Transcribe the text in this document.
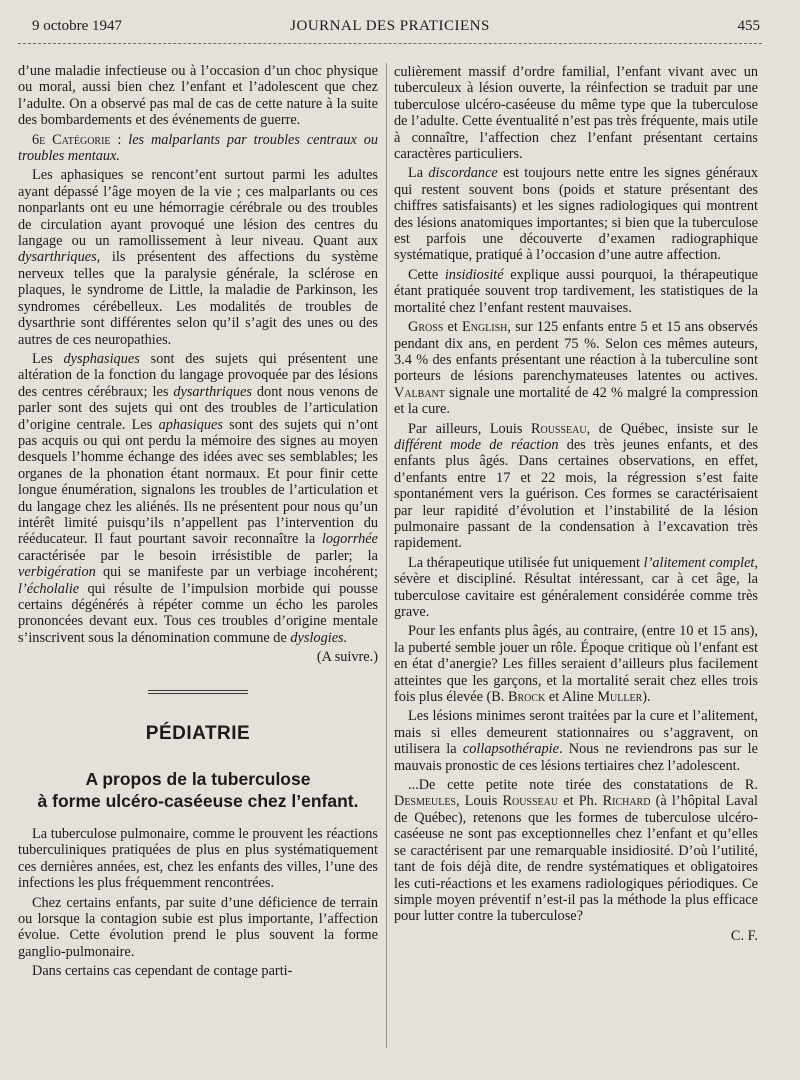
9 octobre 1947	JOURNAL DES PRATICIENS	455

d’une maladie infectieuse ou à l’occasion d’un choc physique ou moral, aussi bien chez l’enfant et l’adolescent que chez l’adulte. On a observé pas mal de cas de cette nature à la suite des bombardements et des événements de guerre.

6e Catégorie : les malparlants par troubles centraux ou troubles mentaux.

Les aphasiques se rencont’ent surtout parmi les adultes ayant dépassé l’âge moyen de la vie ; ces malparlants ou ces nonparlants ont eu une hémorragie cérébrale ou des troubles de circulation ayant provoqué une lésion des centres du langage ou un ramollissement à leur niveau. Quant aux dysarthriques, ils présentent des affections du système nerveux telles que la paralysie générale, la sclérose en plaques, le syndrome de Little, la maladie de Parkinson, les syndromes cérébelleux. Les modalités de troubles de dysarthrie sont différentes selon qu’il s’agit des unes ou des autres de ces neuropathies.

Les dysphasiques sont des sujets qui présentent une altération de la fonction du langage provoquée par des lésions des centres cérébraux; les dysarthriques dont nous venons de parler sont des sujets qui ont des troubles de l’articulation d’origine centrale. Les aphasiques sont des sujets qui n’ont pas acquis ou qui ont perdu la mémoire des signes au moyen desquels l’homme échange des idées avec ses semblables; les organes de la phonation étant normaux. Et pour finir cette longue énumération, signalons les troubles de l’articulation et du langage chez les aliénés. Ils ne présentent pour nous qu’un intérêt limité puisqu’ils n’appellent pas l’intervention du rééducateur. Il faut pourtant savoir reconnaître la logorrhée caractérisée par le besoin irrésistible de parler; la verbigération qui se manifeste par un verbiage incohérent; l’écholalie qui résulte de l’impulsion morbide qui pousse certains dégénérés à répéter comme un écho les paroles prononcées devant eux. Tous ces troubles d’origine mentale s’inscrivent sous la dénomination commune de dyslogies.

(A suivre.)

PÉDIATRIE
A propos de la tuberculose
à forme ulcéro-caséeuse chez l’enfant.

La tuberculose pulmonaire, comme le prouvent les réactions tuberculiniques pratiquées de plus en plus systématiquement ces dernières années, est, chez les enfants des villes, l’une des infections les plus fréquemment rencontrées.

Chez certains enfants, par suite d’une déficience de terrain ou lorsque la contagion subie est plus importante, l’affection évolue. Cette évolution prend le plus souvent la forme ganglio-pulmonaire.

Dans certains cas cependant de contage parti-

culièrement massif d’ordre familial, l’enfant vivant avec un tuberculeux à lésion ouverte, la réinfection se traduit par une tuberculose ulcéro-caséeuse du même type que la tuberculose de l’adulte. Cette éventualité n’est pas très fréquente, mais utile à connaître, l’affection chez l’enfant présentant certains caractères particuliers.

La discordance est toujours nette entre les signes généraux qui restent souvent bons (poids et stature présentant des chiffres satisfaisants) et les signes radiologiques qui montrent des lésions anatomiques importantes; si bien que la tuberculose est parfois une découverte d’examen radiographique systématique, pratiqué à l’occasion d’une autre affection.

Cette insidiosité explique aussi pourquoi, la thérapeutique étant pratiquée souvent trop tardivement, les statistiques de la mortalité chez l’enfant restent mauvaises.

Gross et English, sur 125 enfants entre 5 et 15 ans observés pendant dix ans, en perdent 75 %. Selon ces mêmes auteurs, 3.4 % des enfants présentant une réaction à la tuberculine sont porteurs de lésions parenchymateuses latentes ou actives. Valbant signale une mortalité de 42 % malgré la compression et la cure.

Par ailleurs, Louis Rousseau, de Québec, insiste sur le différent mode de réaction des très jeunes enfants, et des enfants plus âgés. Dans certaines observations, en effet, d’enfants entre 17 et 22 mois, la régression s’est faite spontanément vers la guérison. Ces formes se caractérisaient par leur rapidité d’évolution et l’instabilité de la lésion pulmonaire passant de la condensation à l’excavation très rapidement.

La thérapeutique utilisée fut uniquement l’alitement complet, sévère et discipliné. Résultat intéressant, car à cet âge, la tuberculose cavitaire est généralement considérée comme très grave.

Pour les enfants plus âgés, au contraire, (entre 10 et 15 ans), la puberté semble jouer un rôle. Époque critique où l’enfant est en état d’anergie? Les filles seraient d’ailleurs plus facilement atteintes que les garçons, et la mortalité serait chez elles trois fois plus élevée (B. Brock et Aline Muller).

Les lésions minimes seront traitées par la cure et l’alitement, mais si elles demeurent stationnaires ou s’aggravent, on utilisera la collapsothérapie. Nous ne reviendrons pas sur le mauvais pronostic de ces lésions tertiaires chez l’adolescent.

...De cette petite note tirée des constatations de R. Desmeules, Louis Rousseau et Ph. Richard (à l’hôpital Laval de Québec), retenons que les formes de tuberculose ulcéro-caséeuse ne sont pas exceptionnelles chez l’enfant et qu’elles se caractérisent par une remarquable insidiosité. D’où l’utilité, tant de fois déjà dite, de rendre systématiques et obligatoires les cuti-réactions et les examens radiologiques périodiques. Ce simple moyen préventif n’est-il pas la méthode la plus efficace pour lutter contre la tuberculose?

C. F.
